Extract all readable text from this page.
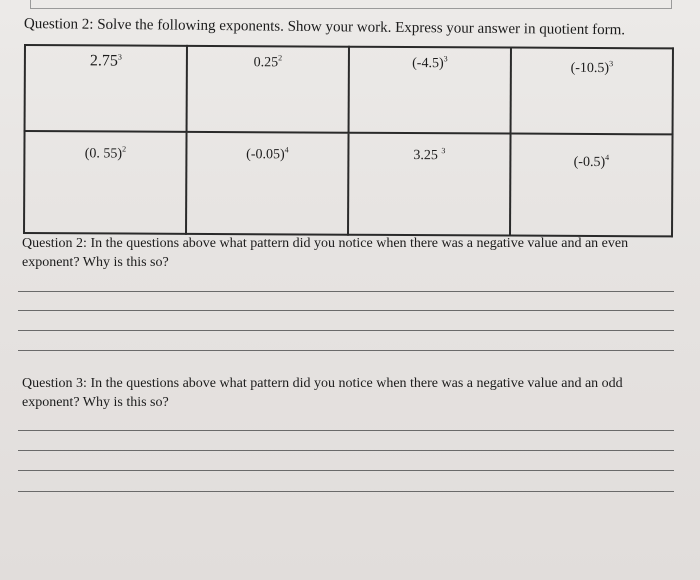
Question 2: Solve the following exponents. Show your work. Express your answer in quotient form.
2.75$^3$	0.25$^2$	$(-4.5)^3$	$(-10.5)^3$
(0. 55)$^2$	$(-0.05)^4$	3.25 $^3$	$(-0.5)^4$
Question 2: In the questions above what pattern did you notice when there was a negative value and an even exponent? Why is this so?
Question 3: In the questions above what pattern did you notice when there was a negative value and an odd exponent? Why is this so?
